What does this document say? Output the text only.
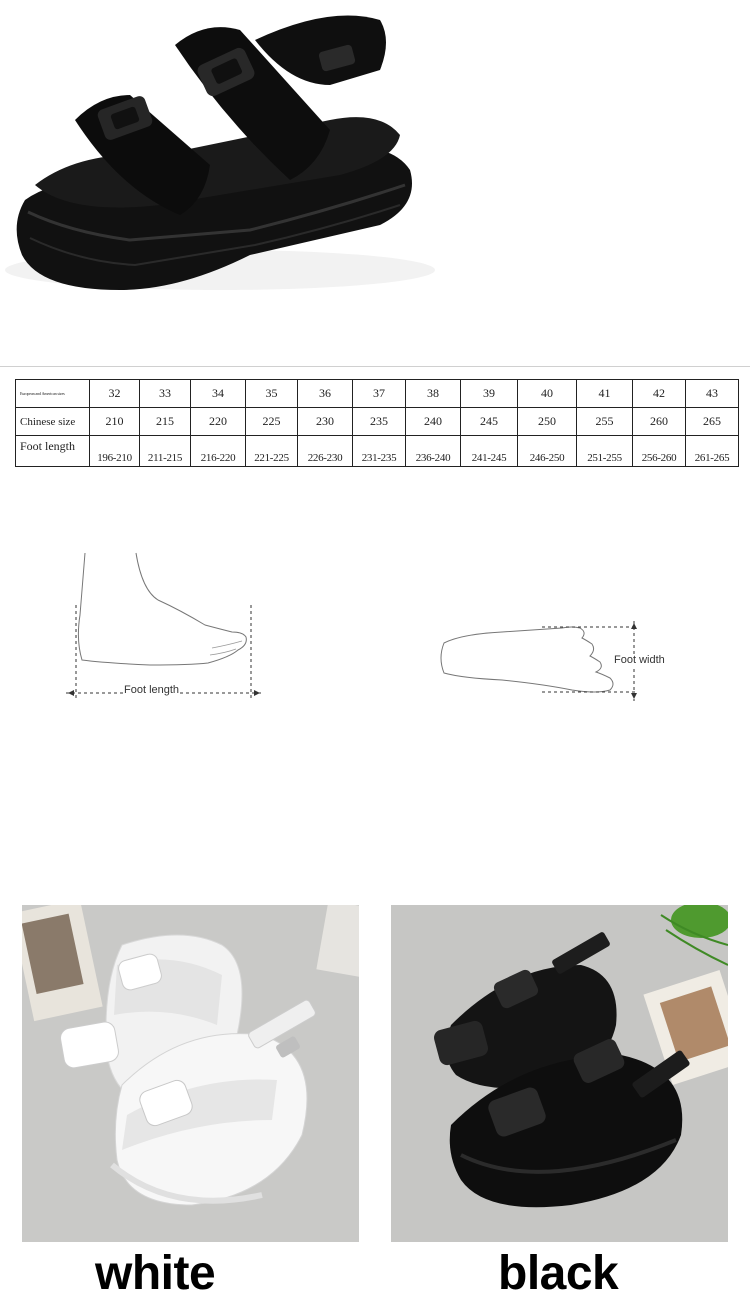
European and American sizes	32	33	34	35	36	37	38	39	40	41	42	43
Chinese size	210	215	220	225	230	235	240	245	250	255	260	265
Foot length	196-210	211-215	216-220	221-225	226-230	231-235	236-240	241-245	246-250	251-255	256-260	261-265
Foot length
Foot width
white	black
